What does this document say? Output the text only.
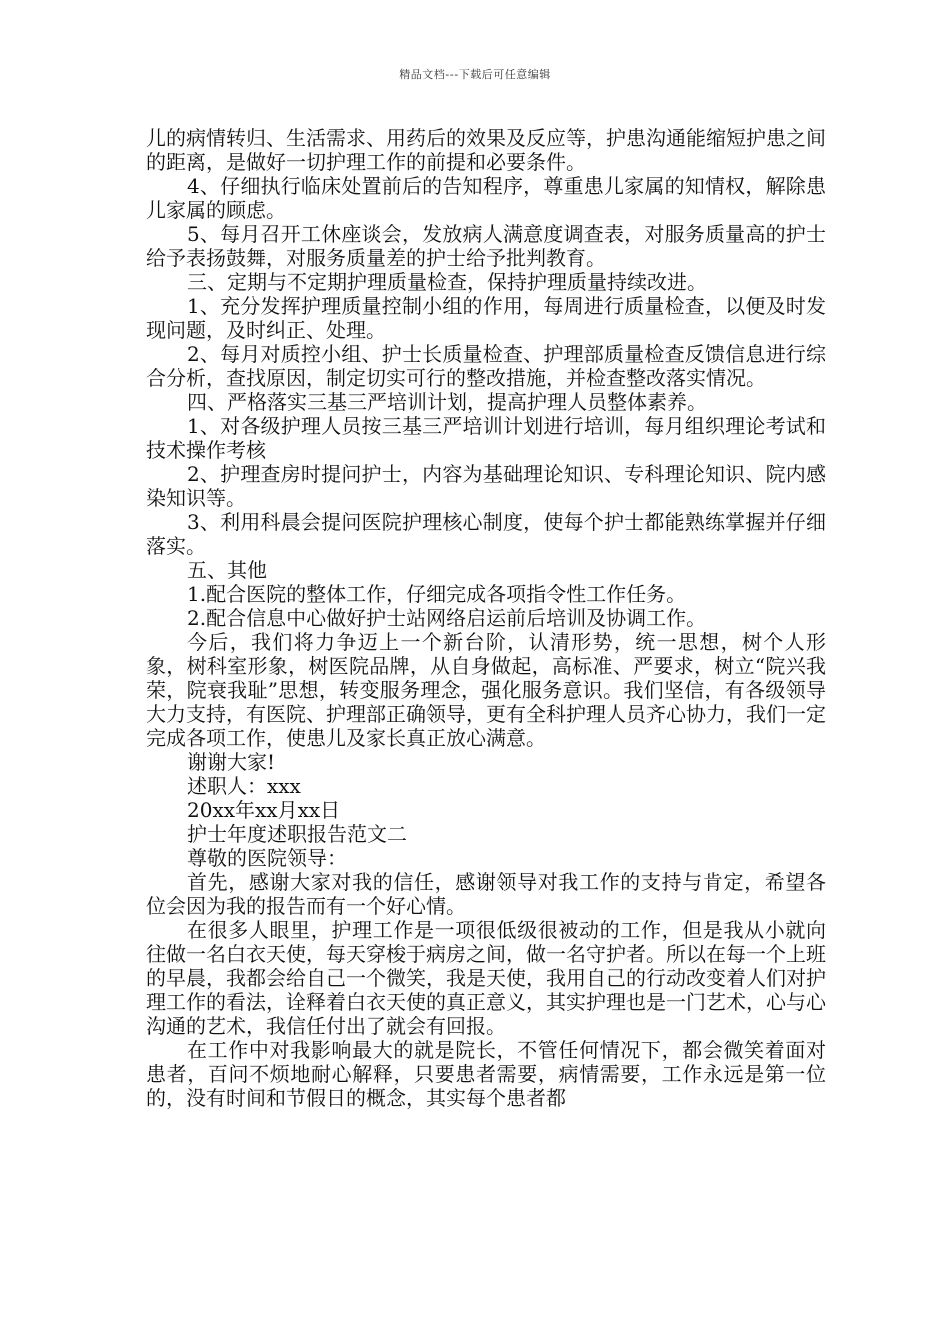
精品文档---下载后可任意编辑

儿的病情转归、生活需求、用药后的效果及反应等，护患沟通能缩短护患之间的距离，是做好一切护理工作的前提和必要条件。

4、仔细执行临床处置前后的告知程序，尊重患儿家属的知情权，解除患儿家属的顾虑。

5、每月召开工休座谈会，发放病人满意度调查表，对服务质量高的护士给予表扬鼓舞，对服务质量差的护士给予批判教育。

三、定期与不定期护理质量检查，保持护理质量持续改进。

1、充分发挥护理质量控制小组的作用，每周进行质量检查，以便及时发现问题，及时纠正、处理。

2、每月对质控小组、护士长质量检查、护理部质量检查反馈信息进行综合分析，查找原因，制定切实可行的整改措施，并检查整改落实情况。

四、严格落实三基三严培训计划，提高护理人员整体素养。

1、对各级护理人员按三基三严培训计划进行培训，每月组织理论考试和技术操作考核

2、护理查房时提问护士，内容为基础理论知识、专科理论知识、院内感染知识等。

3、利用科晨会提问医院护理核心制度，使每个护士都能熟练掌握并仔细落实。

五、其他

1.配合医院的整体工作，仔细完成各项指令性工作任务。

2.配合信息中心做好护士站网络启运前后培训及协调工作。

今后，我们将力争迈上一个新台阶，认清形势，统一思想，树个人形象，树科室形象，树医院品牌，从自身做起，高标准、严要求，树立“院兴我荣，院衰我耻”思想，转变服务理念，强化服务意识。我们坚信，有各级领导大力支持，有医院、护理部正确领导，更有全科护理人员齐心协力，我们一定完成各项工作，使患儿及家长真正放心满意。

谢谢大家!

述职人：xxx

20xx年xx月xx日

护士年度述职报告范文二

尊敬的医院领导：

首先，感谢大家对我的信任，感谢领导对我工作的支持与肯定，希望各位会因为我的报告而有一个好心情。

在很多人眼里，护理工作是一项很低级很被动的工作，但是我从小就向往做一名白衣天使，每天穿梭于病房之间，做一名守护者。所以在每一个上班的早晨，我都会给自己一个微笑，我是天使，我用自己的行动改变着人们对护理工作的看法，诠释着白衣天使的真正意义，其实护理也是一门艺术，心与心沟通的艺术，我信任付出了就会有回报。

在工作中对我影响最大的就是院长，不管任何情况下，都会微笑着面对患者，百问不烦地耐心解释，只要患者需要，病情需要，工作永远是第一位的，没有时间和节假日的概念，其实每个患者都
